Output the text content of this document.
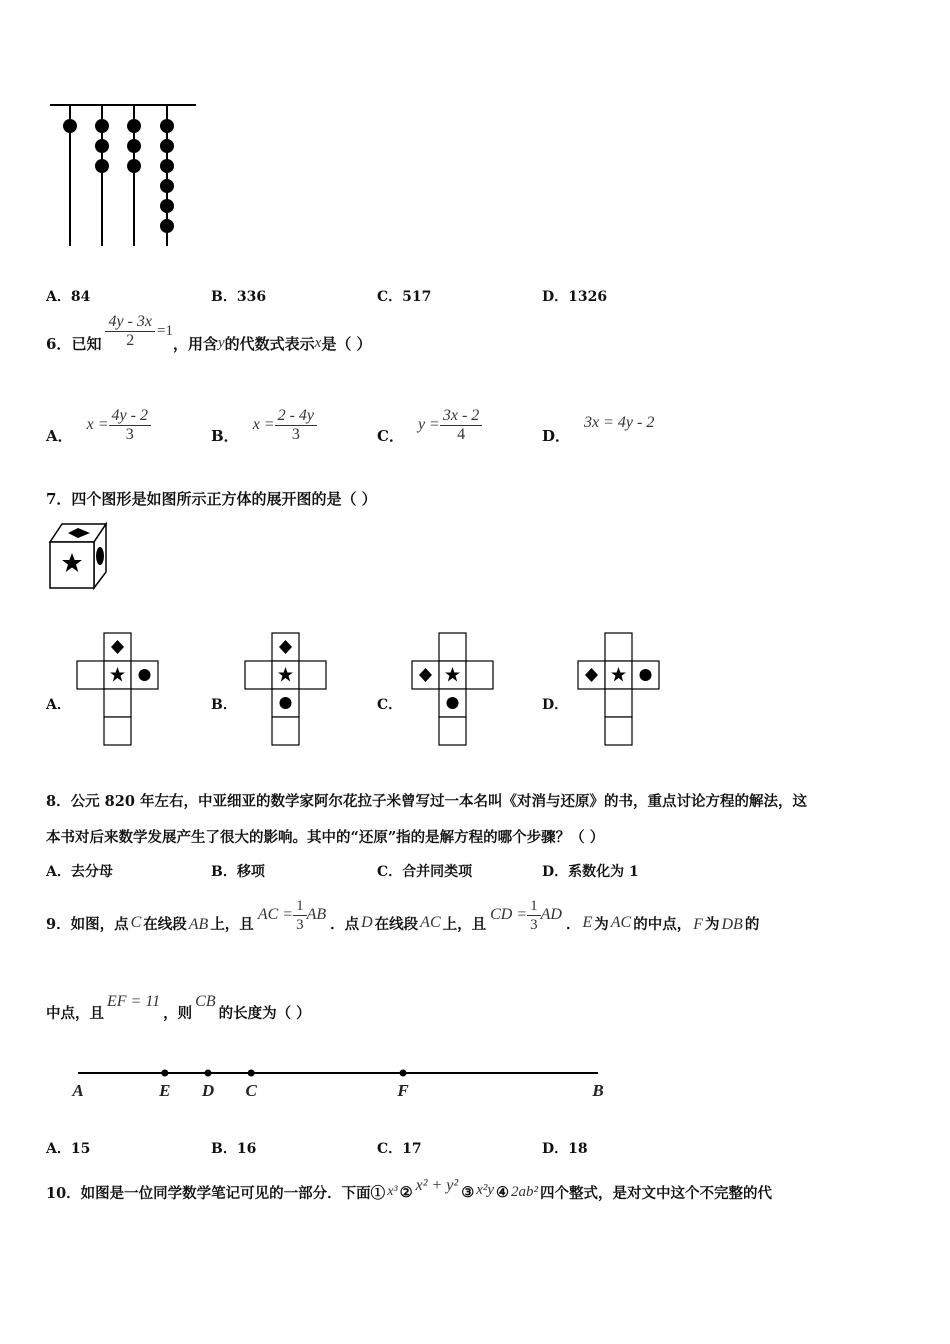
A．84	B．336	C．517	D．1326
6． 已知 $\frac{4y - 3x}{2} =1$
，用含 y 的代数式表示 x 是（ ）
A．
$x = \frac{4y - 2}{3}$	B．
$x = \frac{2 - 4y}{3}$	C．
$y = \frac{3x - 2}{4}$	D．
3x = 4y - 2
7．四个图形是如图所示正方体的展开图的是（ ）
A．	B．	C．	D．
8．公元 820 年左右，中亚细亚的数学家阿尔花拉子米曾写过一本名叫《对消与还原》的书，重点讨论方程的解法，这
本书对后来数学发展产生了很大的影响。其中的“还原”指的是解方程的哪个步骤？（ ）
A．去分母	B．移项	C．合并同类项	D．系数化为 1
9．如图，点 C 在线段 AB 上，且
AC = $\frac{1}{3}$ AB
．点 D 在线段 AC 上，且
CD = $\frac{1}{3}$ AD
． E 为 AC 的中点， F 为 DB 的
中点，且
EF = 11
，则
CB
的长度为（ ）
A	E D C	F	B
A．15	B．16	C．17	D．18
10．如图是一位同学数学笔记可见的一部分．下面① x³ ② x² + y² ③ x²y ④ 2ab² 四个整式，是对文中这个不完整的代
